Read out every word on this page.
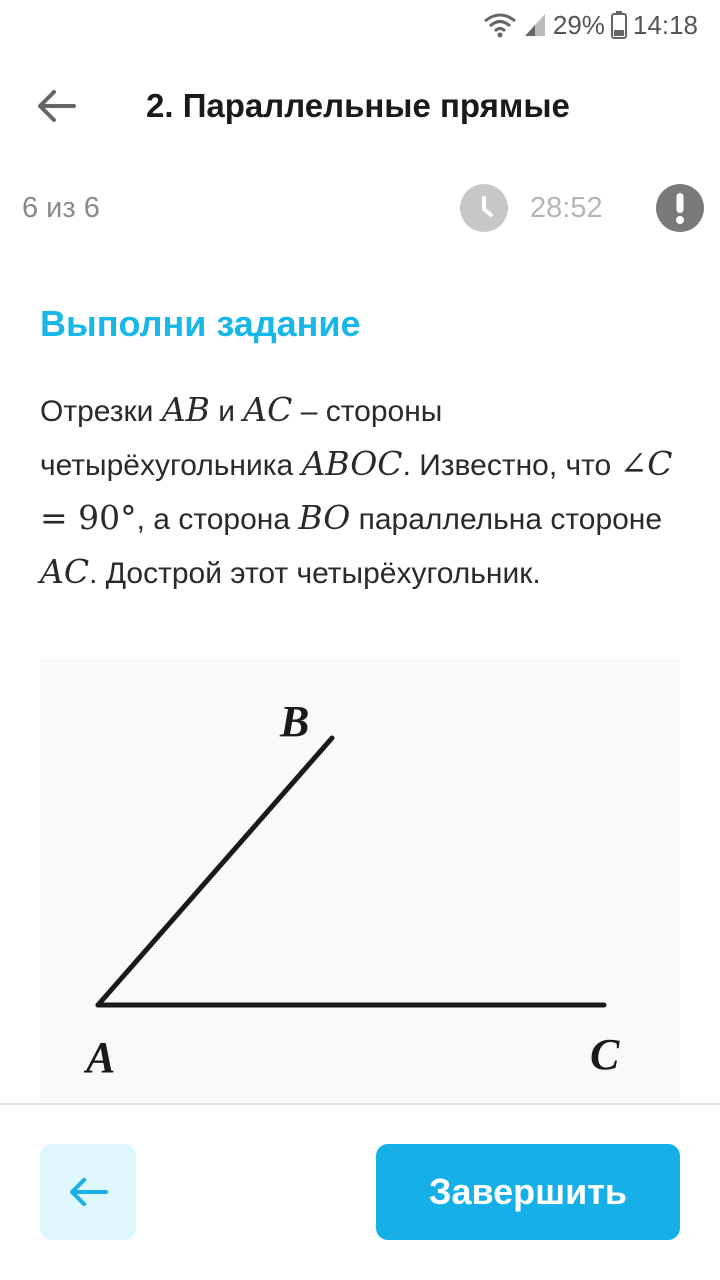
29% 14:18
2. Параллельные прямые
6 из 6	28:52
Выполни задание
Отрезки AB и AC – стороны четырёхугольника ABOC. Известно, что ∠C = 90°, а сторона BO параллельна стороне AC. Дострой этот четырёхугольник.
B
A	C
Завершить
